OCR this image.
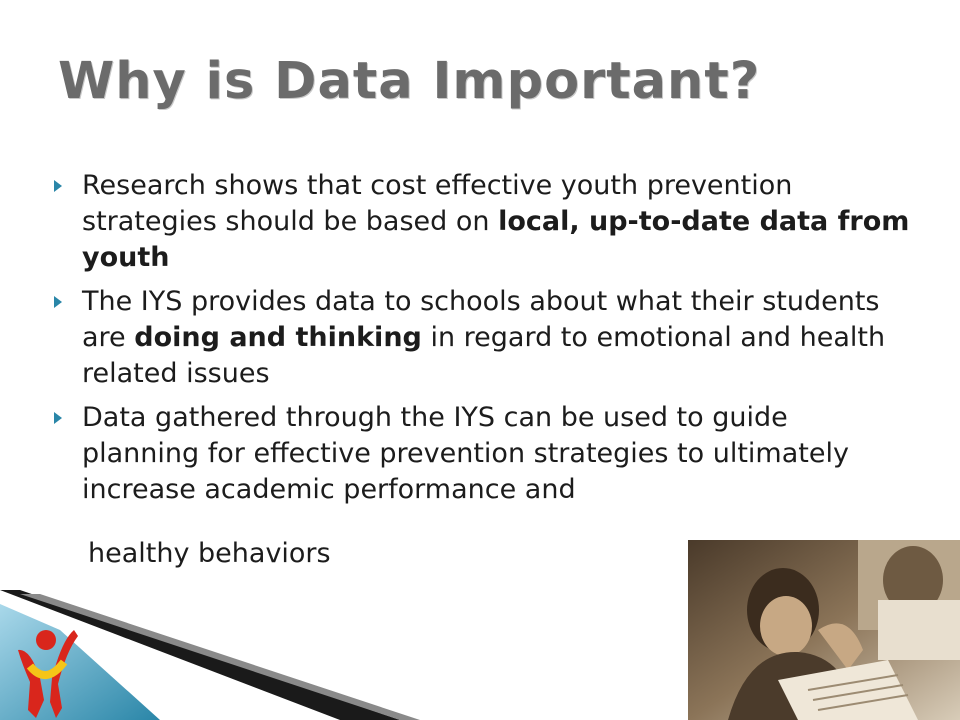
Why is Data Important?
Research shows that cost effective youth prevention strategies should be based on local, up-to-date data from youth
The IYS provides data to schools about what their students are doing and thinking in regard to emotional and health related issues
Data gathered through the IYS can be used to guide planning for effective prevention strategies to ultimately increase academic performance and
healthy behaviors
